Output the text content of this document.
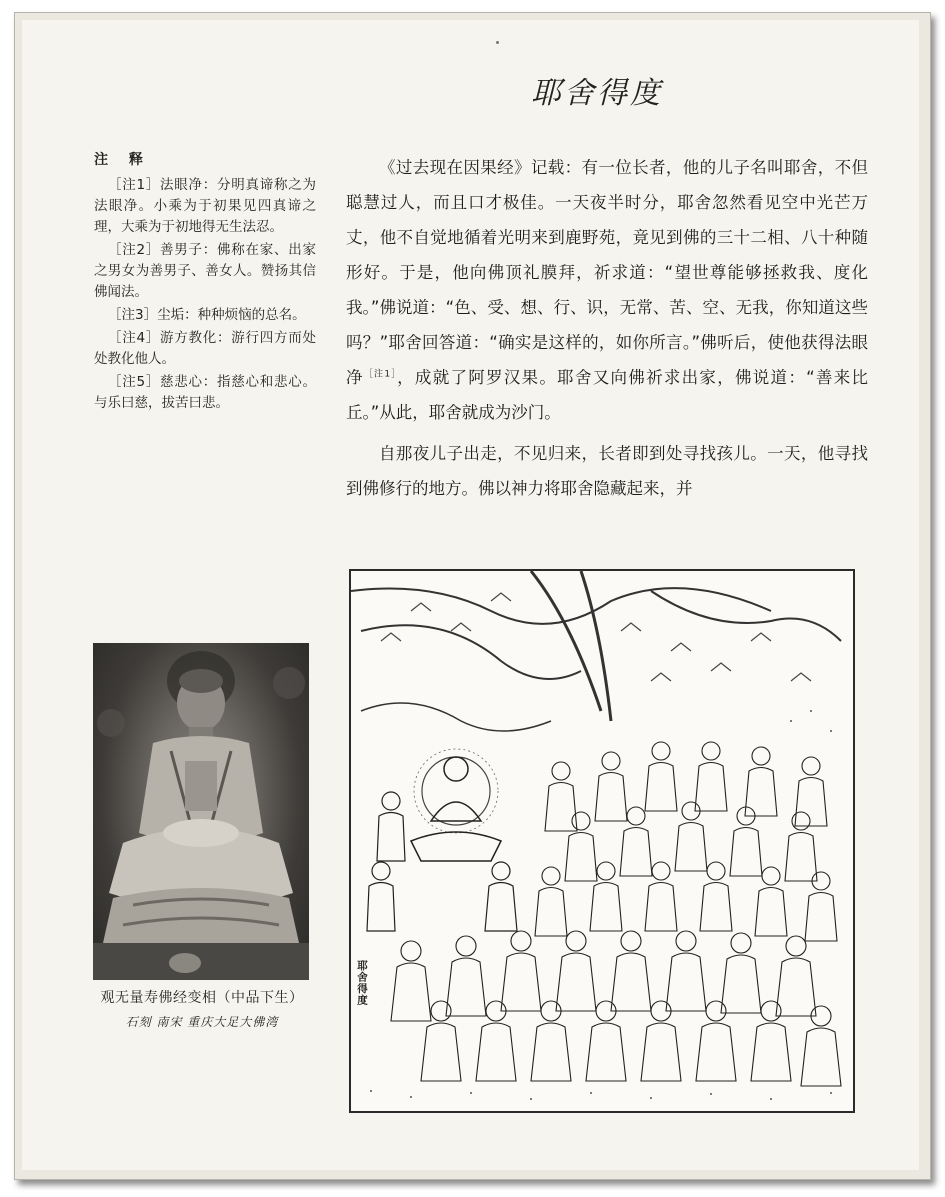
耶舍得度
注 释

［注1］法眼净：分明真谛称之为法眼净。小乘为于初果见四真谛之理，大乘为于初地得无生法忍。

［注2］善男子：佛称在家、出家之男女为善男子、善女人。赞扬其信佛闻法。

［注3］尘垢：种种烦恼的总名。

［注4］游方教化：游行四方而处处教化他人。

［注5］慈悲心：指慈心和悲心。与乐曰慈，拔苦曰悲。

《过去现在因果经》记载：有一位长者，他的儿子名叫耶舍，不但聪慧过人，而且口才极佳。一天夜半时分，耶舍忽然看见空中光芒万丈，他不自觉地循着光明来到鹿野苑，竟见到佛的三十二相、八十种随形好。于是，他向佛顶礼膜拜，祈求道：“望世尊能够拯救我、度化我。”佛说道：“色、受、想、行、识，无常、苦、空、无我，你知道这些吗？”耶舍回答道：“确实是这样的，如你所言。”佛听后，使他获得法眼净$^{[注1]}$，成就了阿罗汉果。耶舍又向佛祈求出家，佛说道：“善来比丘。”从此，耶舍就成为沙门。

自那夜儿子出走，不见归来，长者即到处寻找孩儿。一天，他寻找到佛修行的地方。佛以神力将耶舍隐藏起来，并

观无量寿佛经变相（中品下生）
石刻 南宋 重庆大足大佛湾
耶舍得度
